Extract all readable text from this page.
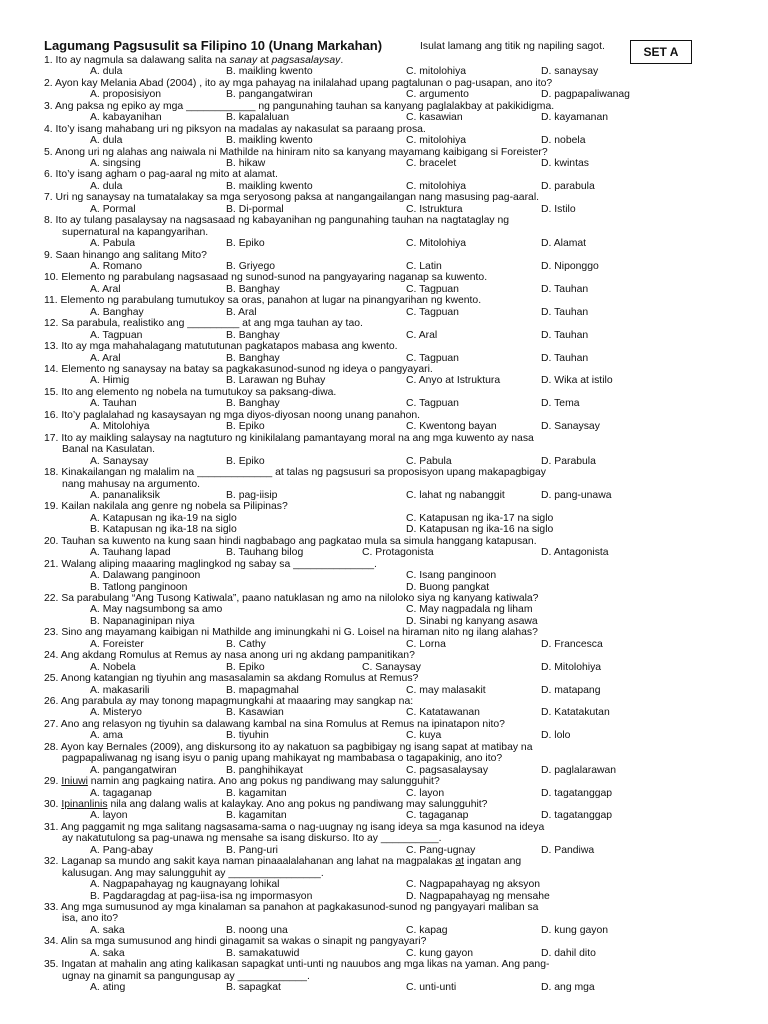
Lagumang Pagsusulit sa Filipino 10 (Unang Markahan)	Isulat lamang ang titik ng napiling sagot.	SET A
1. Ito ay nagmula sa dalawang salita na sanay at pagsasalaysay.
A. dula	B. maikling kwento	C. mitolohiya	D. sanaysay
2. Ayon kay Melania Abad (2004) , ito ay mga pahayag na inilalahad upang pagtalunan o pag-usapan, ano ito?
A. proposisiyon	B. pangangatwiran	C. argumento	D. pagpapaliwanag
3. Ang paksa ng epiko ay mga ____________ ng pangunahing tauhan sa kanyang paglalakbay at pakikidigma.
A. kabayanihan	B. kapalaluan	C. kasawian	D. kayamanan
4. Ito’y isang mahabang uri ng piksyon na madalas ay nakasulat sa paraang prosa.
A. dula	B. maikling kwento	C. mitolohiya	D. nobela
5. Anong uri ng alahas ang naiwala ni Mathilde na hiniram nito sa kanyang mayamang kaibigang si Foreister?
A. singsing	B. hikaw	C. bracelet	D. kwintas
6. Ito’y isang agham o pag-aaral ng mito at alamat.
A. dula	B. maikling kwento	C. mitolohiya	D. parabula
7. Uri ng sanaysay na tumatalakay sa mga seryosong paksa at nangangailangan nang masusing pag-aaral.
A. Pormal	B. Di-pormal	C. Istruktura	D. Istilo
8. Ito ay tulang pasalaysay na nagsasaad ng kabayanihan ng pangunahing tauhan na nagtataglay ng
supernatural na kapangyarihan.
A. Pabula	B. Epiko	C. Mitolohiya	D. Alamat
9. Saan hinango ang salitang Mito?
A. Romano	B. Griyego	C. Latin	D. Niponggo
10. Elemento ng parabulang nagsasaad ng sunod-sunod na pangyayaring naganap sa kuwento.
A. Aral	B. Banghay	C. Tagpuan	D. Tauhan
11. Elemento ng parabulang tumutukoy sa oras, panahon at lugar na pinangyarihan ng kwento.
A. Banghay	B. Aral	C. Tagpuan	D. Tauhan
12. Sa parabula, realistiko ang _________ at ang mga tauhan ay tao.
A. Tagpuan	B. Banghay	C. Aral	D. Tauhan
13. Ito ay mga mahahalagang matututunan pagkatapos mabasa ang kwento.
A. Aral	B. Banghay	C. Tagpuan	D. Tauhan
14. Elemento ng sanaysay na batay sa pagkakasunod-sunod ng ideya o pangyayari.
A. Himig	B. Larawan ng Buhay	C. Anyo at Istruktura	D. Wika at istilo
15. Ito ang elemento ng nobela na tumutukoy sa paksang-diwa.
A. Tauhan	B. Banghay	C. Tagpuan	D. Tema
16. Ito’y paglalahad ng kasaysayan ng mga diyos-diyosan noong unang panahon.
A. Mitolohiya	B. Epiko	C. Kwentong bayan	D. Sanaysay
17. Ito ay maikling salaysay na nagtuturo ng kinikilalang pamantayang moral na ang mga kuwento ay nasa
Banal na Kasulatan.
A. Sanaysay	B. Epiko	C. Pabula	D. Parabula
18. Kinakailangan ng malalim na _____________ at talas ng pagsusuri sa proposisyon upang makapagbigay
nang mahusay na argumento.
A. pananaliksik	B. pag-iisip	C. lahat ng nabanggit	D. pang-unawa
19. Kailan nakilala ang genre ng nobela sa Pilipinas?
A. Katapusan ng ika-19 na siglo	C. Katapusan ng ika-17 na siglo
B. Katapusan ng ika-18 na siglo	D. Katapusan ng ika-16 na siglo
20. Tauhan sa kuwento na kung saan hindi nagbabago ang pagkatao mula sa simula hanggang katapusan.
A. Tauhang lapad	B. Tauhang bilog	C. Protagonista	D. Antagonista
21. Walang aliping maaaring maglingkod ng sabay sa ______________.
A. Dalawang panginoon	C. Isang panginoon
B. Tatlong panginoon	D. Buong pangkat
22. Sa parabulang “Ang Tusong Katiwala”, paano natuklasan ng amo na niloloko siya ng kanyang katiwala?
A. May nagsumbong sa amo	C. May nagpadala ng liham
B. Napanaginipan niya	D. Sinabi ng kanyang asawa
23. Sino ang mayamang kaibigan ni Mathilde ang iminungkahi ni G. Loisel na hiraman nito ng ilang alahas?
A. Foreister	B. Cathy	C. Lorna	D. Francesca
24. Ang akdang Romulus at Remus ay nasa anong uri ng akdang pampanitikan?
A. Nobela	B. Epiko	C. Sanaysay	D. Mitolohiya
25. Anong katangian ng tiyuhin ang masasalamin sa akdang Romulus at Remus?
A. makasarili	B. mapagmahal	C. may malasakit	D. matapang
26. Ang parabula ay may tonong mapagmungkahi at maaaring may sangkap na:
A. Misteryo	B. Kasawian	C. Katatawanan	D. Katatakutan
27. Ano ang relasyon ng tiyuhin sa dalawang kambal na sina Romulus at Remus na ipinatapon nito?
A. ama	B. tiyuhin	C. kuya	D. lolo
28. Ayon kay Bernales (2009), ang diskursong ito ay nakatuon sa pagbibigay ng isang sapat at matibay na
pagpapaliwanag ng isang isyu o panig upang mahikayat ng mambabasa o tagapakinig, ano ito?
A. pangangatwiran	B. panghihikayat	C. pagsasalaysay	D. paglalarawan
29. Iniuwi namin ang pagkaing natira. Ano ang pokus ng pandiwang may salungguhit?
A. tagaganap	B. kagamitan	C. layon	D. tagatanggap
30. Ipinanlinis nila ang dalang walis at kalaykay. Ano ang pokus ng pandiwang may salungguhit?
A. layon	B. kagamitan	C. tagaganap	D. tagatanggap
31. Ang paggamit ng mga salitang nagsasama-sama o nag-uugnay ng isang ideya sa mga kasunod na ideya
ay nakatutulong sa pag-unawa ng mensahe sa isang diskurso. Ito ay __________.
A. Pang-abay	B. Pang-uri	C. Pang-ugnay	D. Pandiwa
32. Laganap sa mundo ang sakit kaya naman pinaaalalahanan ang lahat na magpalakas at ingatan ang
kalusugan. Ang may salungguhit ay ________________.
A. Nagpapahayag ng kaugnayang lohikal	C. Nagpapahayag ng aksyon
B. Pagdaragdag at pag-iisa-isa ng impormasyon	D. Nagpapahayag ng mensahe
33. Ang mga sumusunod ay mga kinalaman sa panahon at pagkakasunod-sunod ng pangyayari maliban sa
isa, ano ito?
A. saka	B. noong una	C. kapag	D. kung gayon
34. Alin sa mga sumusunod ang hindi ginagamit sa wakas o sinapit ng pangyayari?
A. saka	B. samakatuwid	C. kung gayon	D. dahil dito
35. Ingatan at mahalin ang ating kalikasan sapagkat unti-unti ng nauubos ang mga likas na yaman. Ang pang-
ugnay na ginamit sa pangungusap ay ____________.
A. ating	B. sapagkat	C. unti-unti	D. ang mga
